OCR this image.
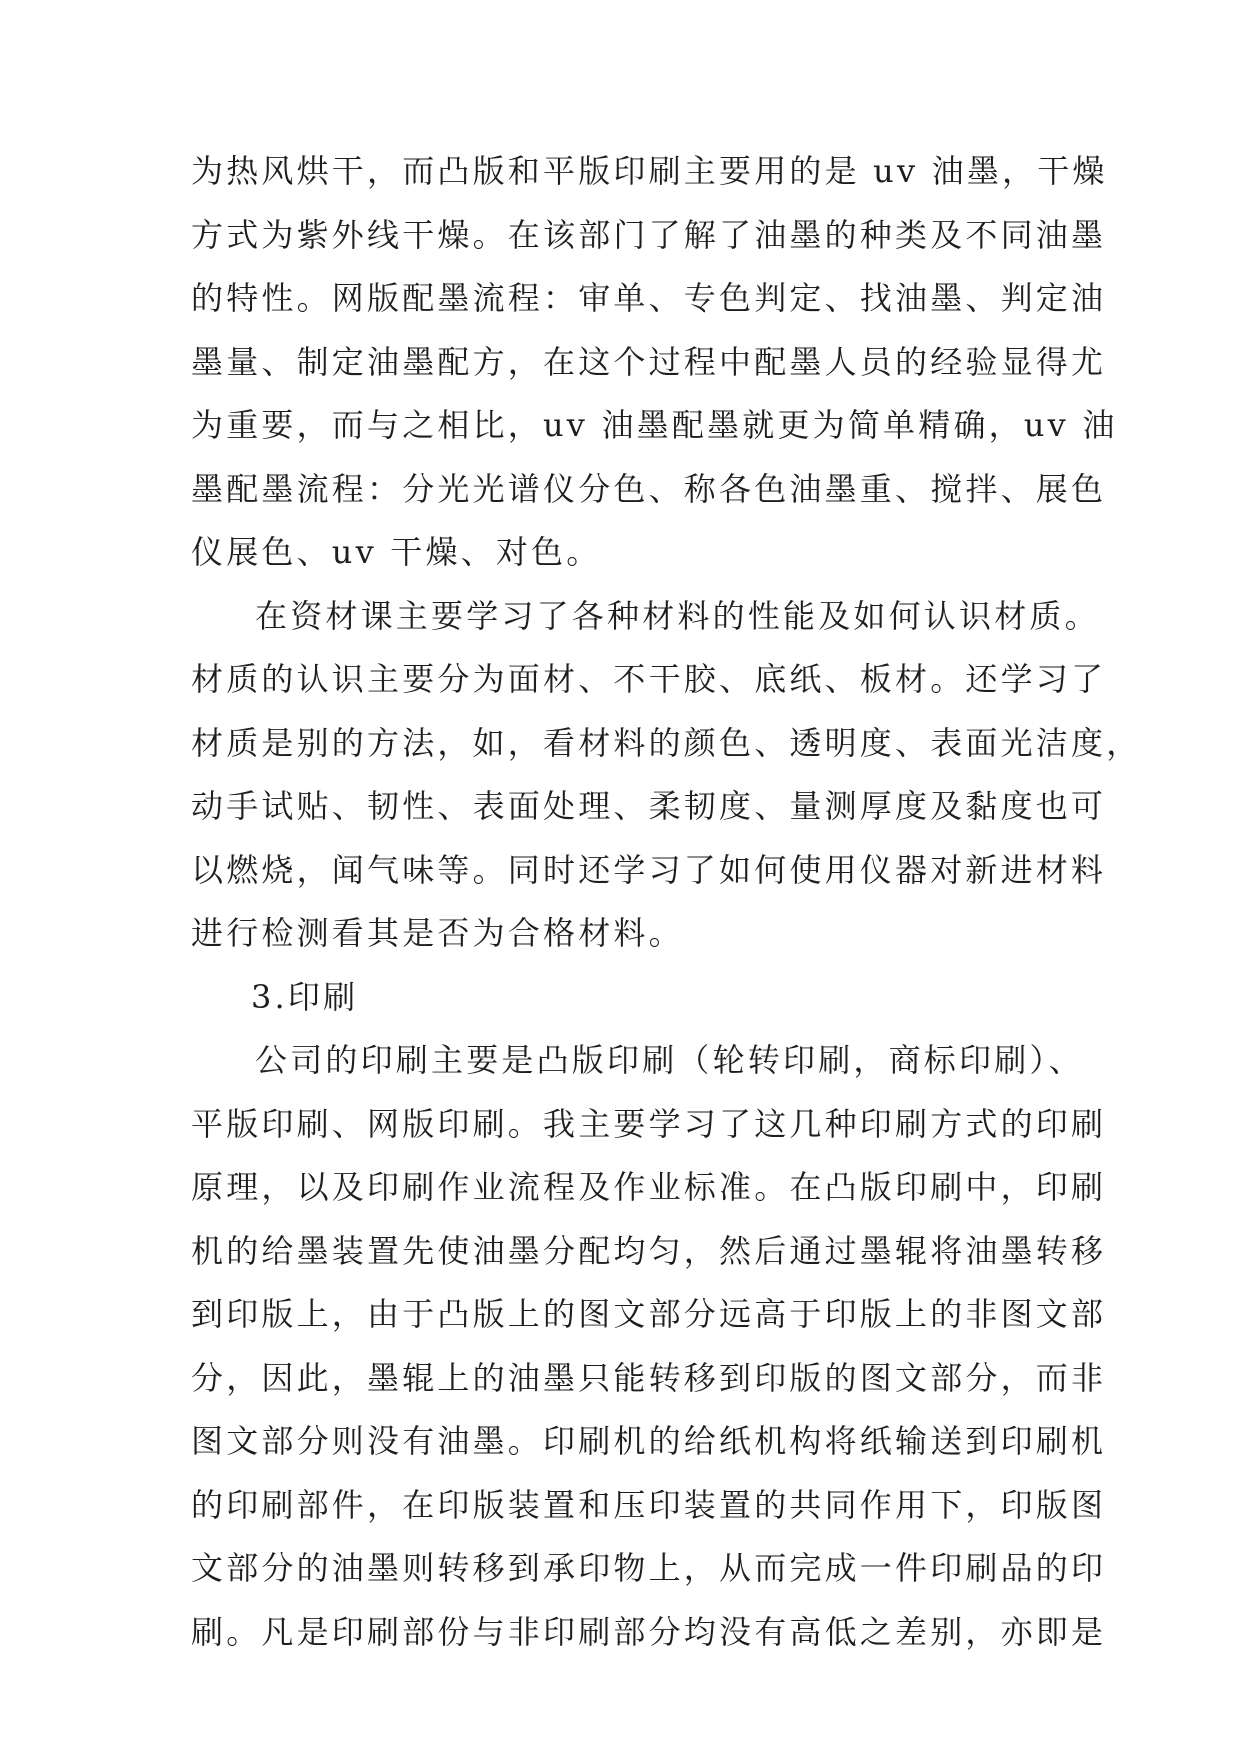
为热风烘干，而凸版和平版印刷主要用的是 uv 油墨，干燥
方式为紫外线干燥。在该部门了解了油墨的种类及不同油墨
的特性。网版配墨流程：审单、专色判定、找油墨、判定油
墨量、制定油墨配方，在这个过程中配墨人员的经验显得尤
为重要，而与之相比，uv 油墨配墨就更为简单精确，uv 油
墨配墨流程：分光光谱仪分色、称各色油墨重、搅拌、展色
仪展色、uv 干燥、对色。
在资材课主要学习了各种材料的性能及如何认识材质。
材质的认识主要分为面材、不干胶、底纸、板材。还学习了
材质是别的方法，如，看材料的颜色、透明度、表面光洁度，
动手试贴、韧性、表面处理、柔韧度、量测厚度及黏度也可
以燃烧，闻气味等。同时还学习了如何使用仪器对新进材料
进行检测看其是否为合格材料。
3.印刷
公司的印刷主要是凸版印刷（轮转印刷，商标印刷）、
平版印刷、网版印刷。我主要学习了这几种印刷方式的印刷
原理，以及印刷作业流程及作业标准。在凸版印刷中，印刷
机的给墨装置先使油墨分配均匀，然后通过墨辊将油墨转移
到印版上，由于凸版上的图文部分远高于印版上的非图文部
分，因此，墨辊上的油墨只能转移到印版的图文部分，而非
图文部分则没有油墨。印刷机的给纸机构将纸输送到印刷机
的印刷部件，在印版装置和压印装置的共同作用下，印版图
文部分的油墨则转移到承印物上，从而完成一件印刷品的印
刷。凡是印刷部份与非印刷部分均没有高低之差别，亦即是
